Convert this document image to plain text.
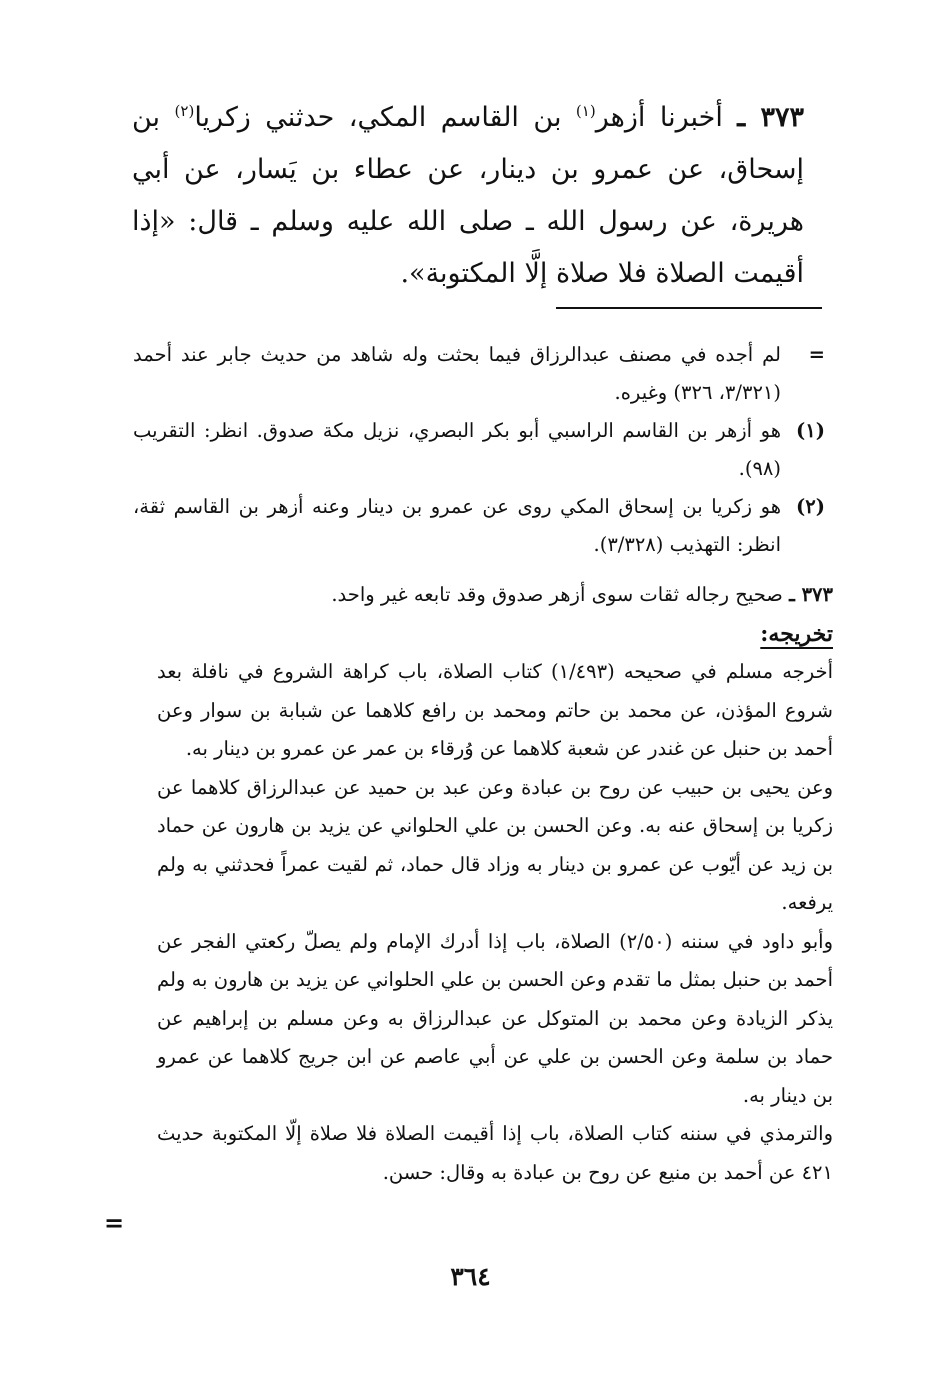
٣٧٣ ـ أخبرنا أزهر$^{(١)}$ بن القاسم المكي، حدثني زكريا$^{(٢)}$ بن إسحاق، عن عمرو بن دينار، عن عطاء بن يَسار، عن أبي هريرة، عن رسول الله ـ صلى الله عليه وسلم ـ قال: «إذا أقيمت الصلاة فلا صلاة إلَّا المكتوبة».

=
لم أجده في مصنف عبدالرزاق فيما بحثت وله شاهد من حديث جابر عند أحمد (٣/٣٢١، ٣٢٦) وغيره.

(١)
هو أزهر بن القاسم الراسبي أبو بكر البصري، نزيل مكة صدوق. انظر: التقريب (٩٨).

(٢)
هو زكريا بن إسحاق المكي روى عن عمرو بن دينار وعنه أزهر بن القاسم ثقة، انظر: التهذيب (٣/٣٢٨).

٣٧٣ ـ صحيح رجاله ثقات سوى أزهر صدوق وقد تابعه غير واحد.

تخريجه:

أخرجه مسلم في صحيحه (١/٤٩٣) كتاب الصلاة، باب كراهة الشروع في نافلة بعد شروع المؤذن، عن محمد بن حاتم ومحمد بن رافع كلاهما عن شبابة بن سوار وعن أحمد بن حنبل عن غندر عن شعبة كلاهما عن وُرقاء بن عمر عن عمرو بن دينار به.

وعن يحيى بن حبيب عن روح بن عبادة وعن عبد بن حميد عن عبدالرزاق كلاهما عن زكريا بن إسحاق عنه به. وعن الحسن بن علي الحلواني عن يزيد بن هارون عن حماد بن زيد عن أيّوب عن عمرو بن دينار به وزاد قال حماد، ثم لقيت عمراً فحدثني به ولم يرفعه.

وأبو داود في سننه (٢/٥٠) الصلاة، باب إذا أدرك الإمام ولم يصلّ ركعتي الفجر عن أحمد بن حنبل بمثل ما تقدم وعن الحسن بن علي الحلواني عن يزيد بن هارون به ولم يذكر الزيادة وعن محمد بن المتوكل عن عبدالرزاق به وعن مسلم بن إبراهيم عن حماد بن سلمة وعن الحسن بن علي عن أبي عاصم عن ابن جريج كلاهما عن عمرو بن دينار به.

والترمذي في سننه كتاب الصلاة، باب إذا أقيمت الصلاة فلا صلاة إلّا المكتوبة حديث ٤٢١ عن أحمد بن منيع عن روح بن عبادة به وقال: حسن.

=
٣٦٤
